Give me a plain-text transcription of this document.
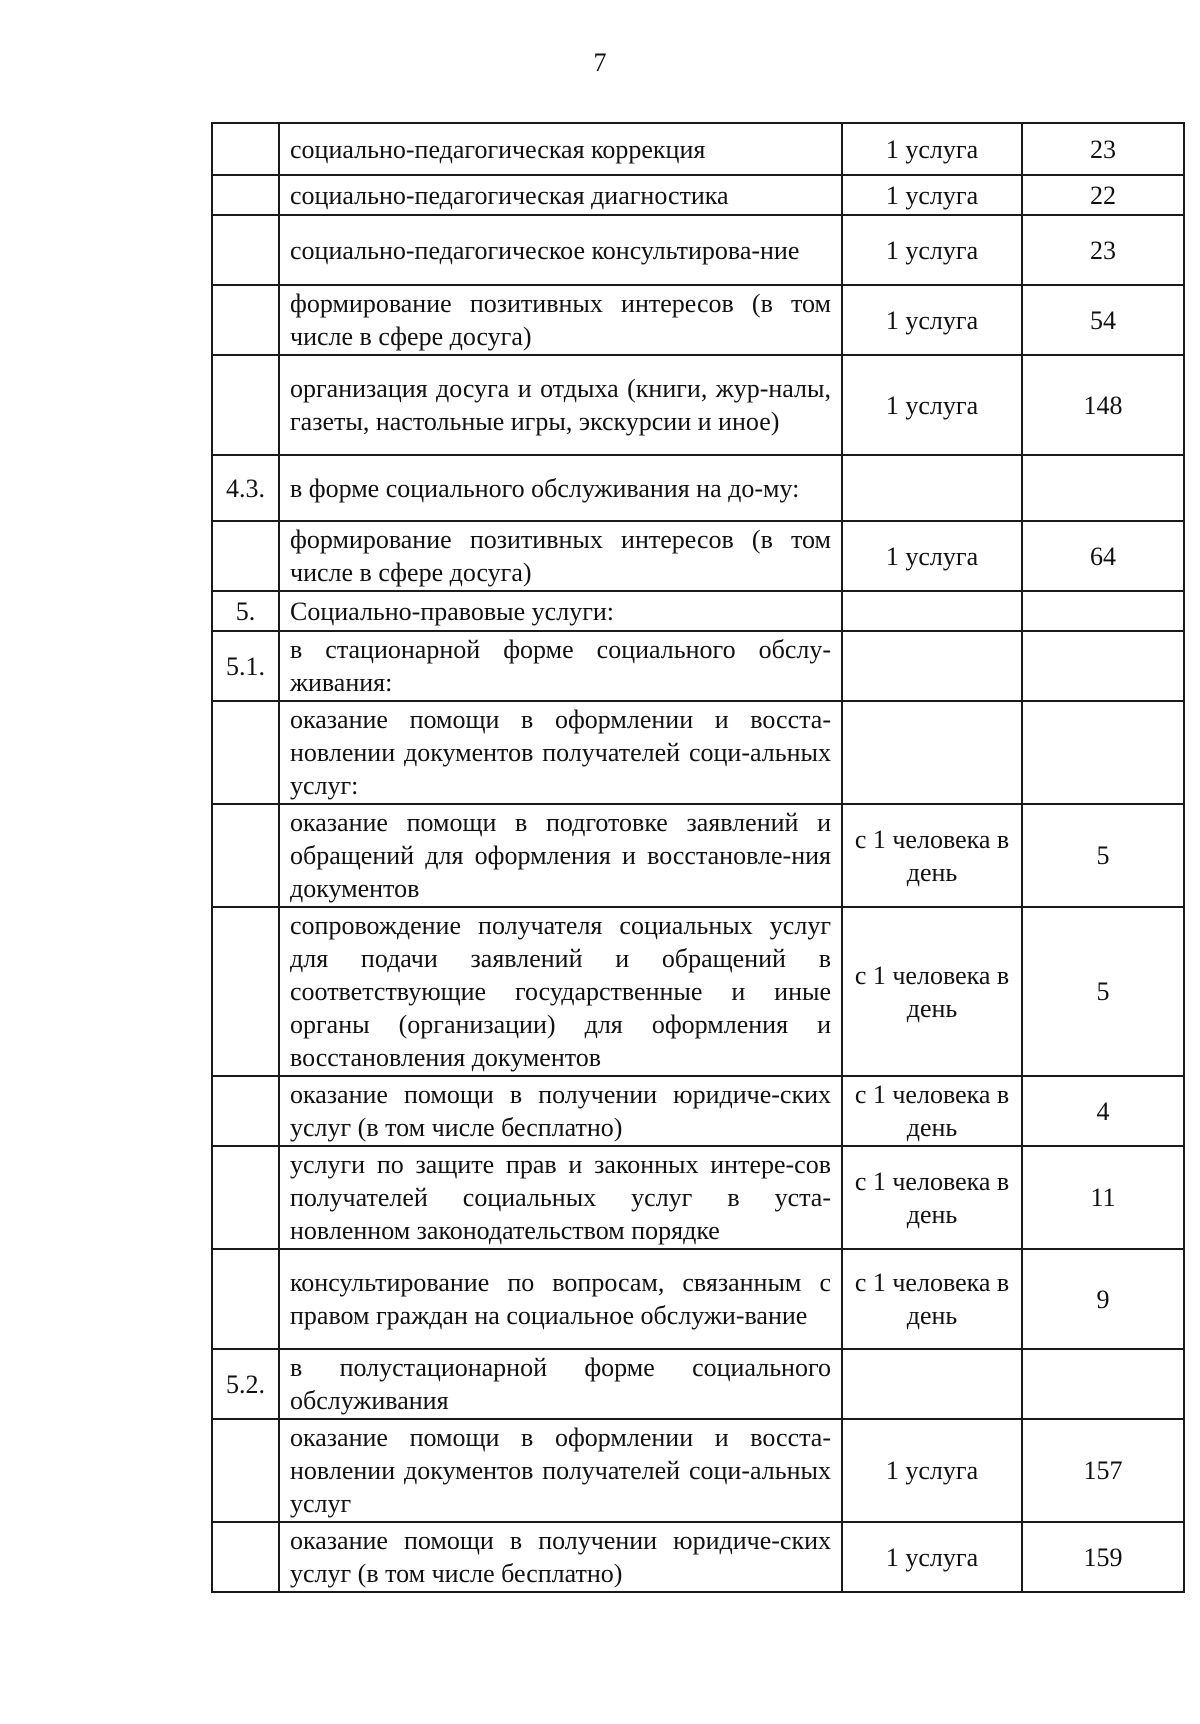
7
	социально-педагогическая коррекция	1 услуга	23
	социально-педагогическая диагностика	1 услуга	22
	социально-педагогическое консультирова-ние	1 услуга	23
	формирование позитивных интересов (в том числе в сфере досуга)	1 услуга	54
	организация досуга и отдыха (книги, жур-налы, газеты, настольные игры, экскурсии и иное)	1 услуга	148
4.3.	в форме социального обслуживания на до-му:		
	формирование позитивных интересов (в том числе в сфере досуга)	1 услуга	64
5.	Социально-правовые услуги:		
5.1.	в стационарной форме социального обслу-живания:		
	оказание помощи в оформлении и восста-новлении документов получателей соци-альных услуг:		
	оказание помощи в подготовке заявлений и обращений для оформления и восстановле-ния документов	с 1 человека в день	5
	сопровождение получателя социальных услуг для подачи заявлений и обращений в соответствующие государственные и иные органы (организации) для оформления и восстановления документов	с 1 человека в день	5
	оказание помощи в получении юридиче-ских услуг (в том числе бесплатно)	с 1 человека в день	4
	услуги по защите прав и законных интере-сов получателей социальных услуг в уста-новленном законодательством порядке	с 1 человека в день	11
	консультирование по вопросам, связанным с правом граждан на социальное обслужи-вание	с 1 человека в день	9
5.2.	в полустационарной форме социального обслуживания		
	оказание помощи в оформлении и восста-новлении документов получателей соци-альных услуг	1 услуга	157
	оказание помощи в получении юридиче-ских услуг (в том числе бесплатно)	1 услуга	159
